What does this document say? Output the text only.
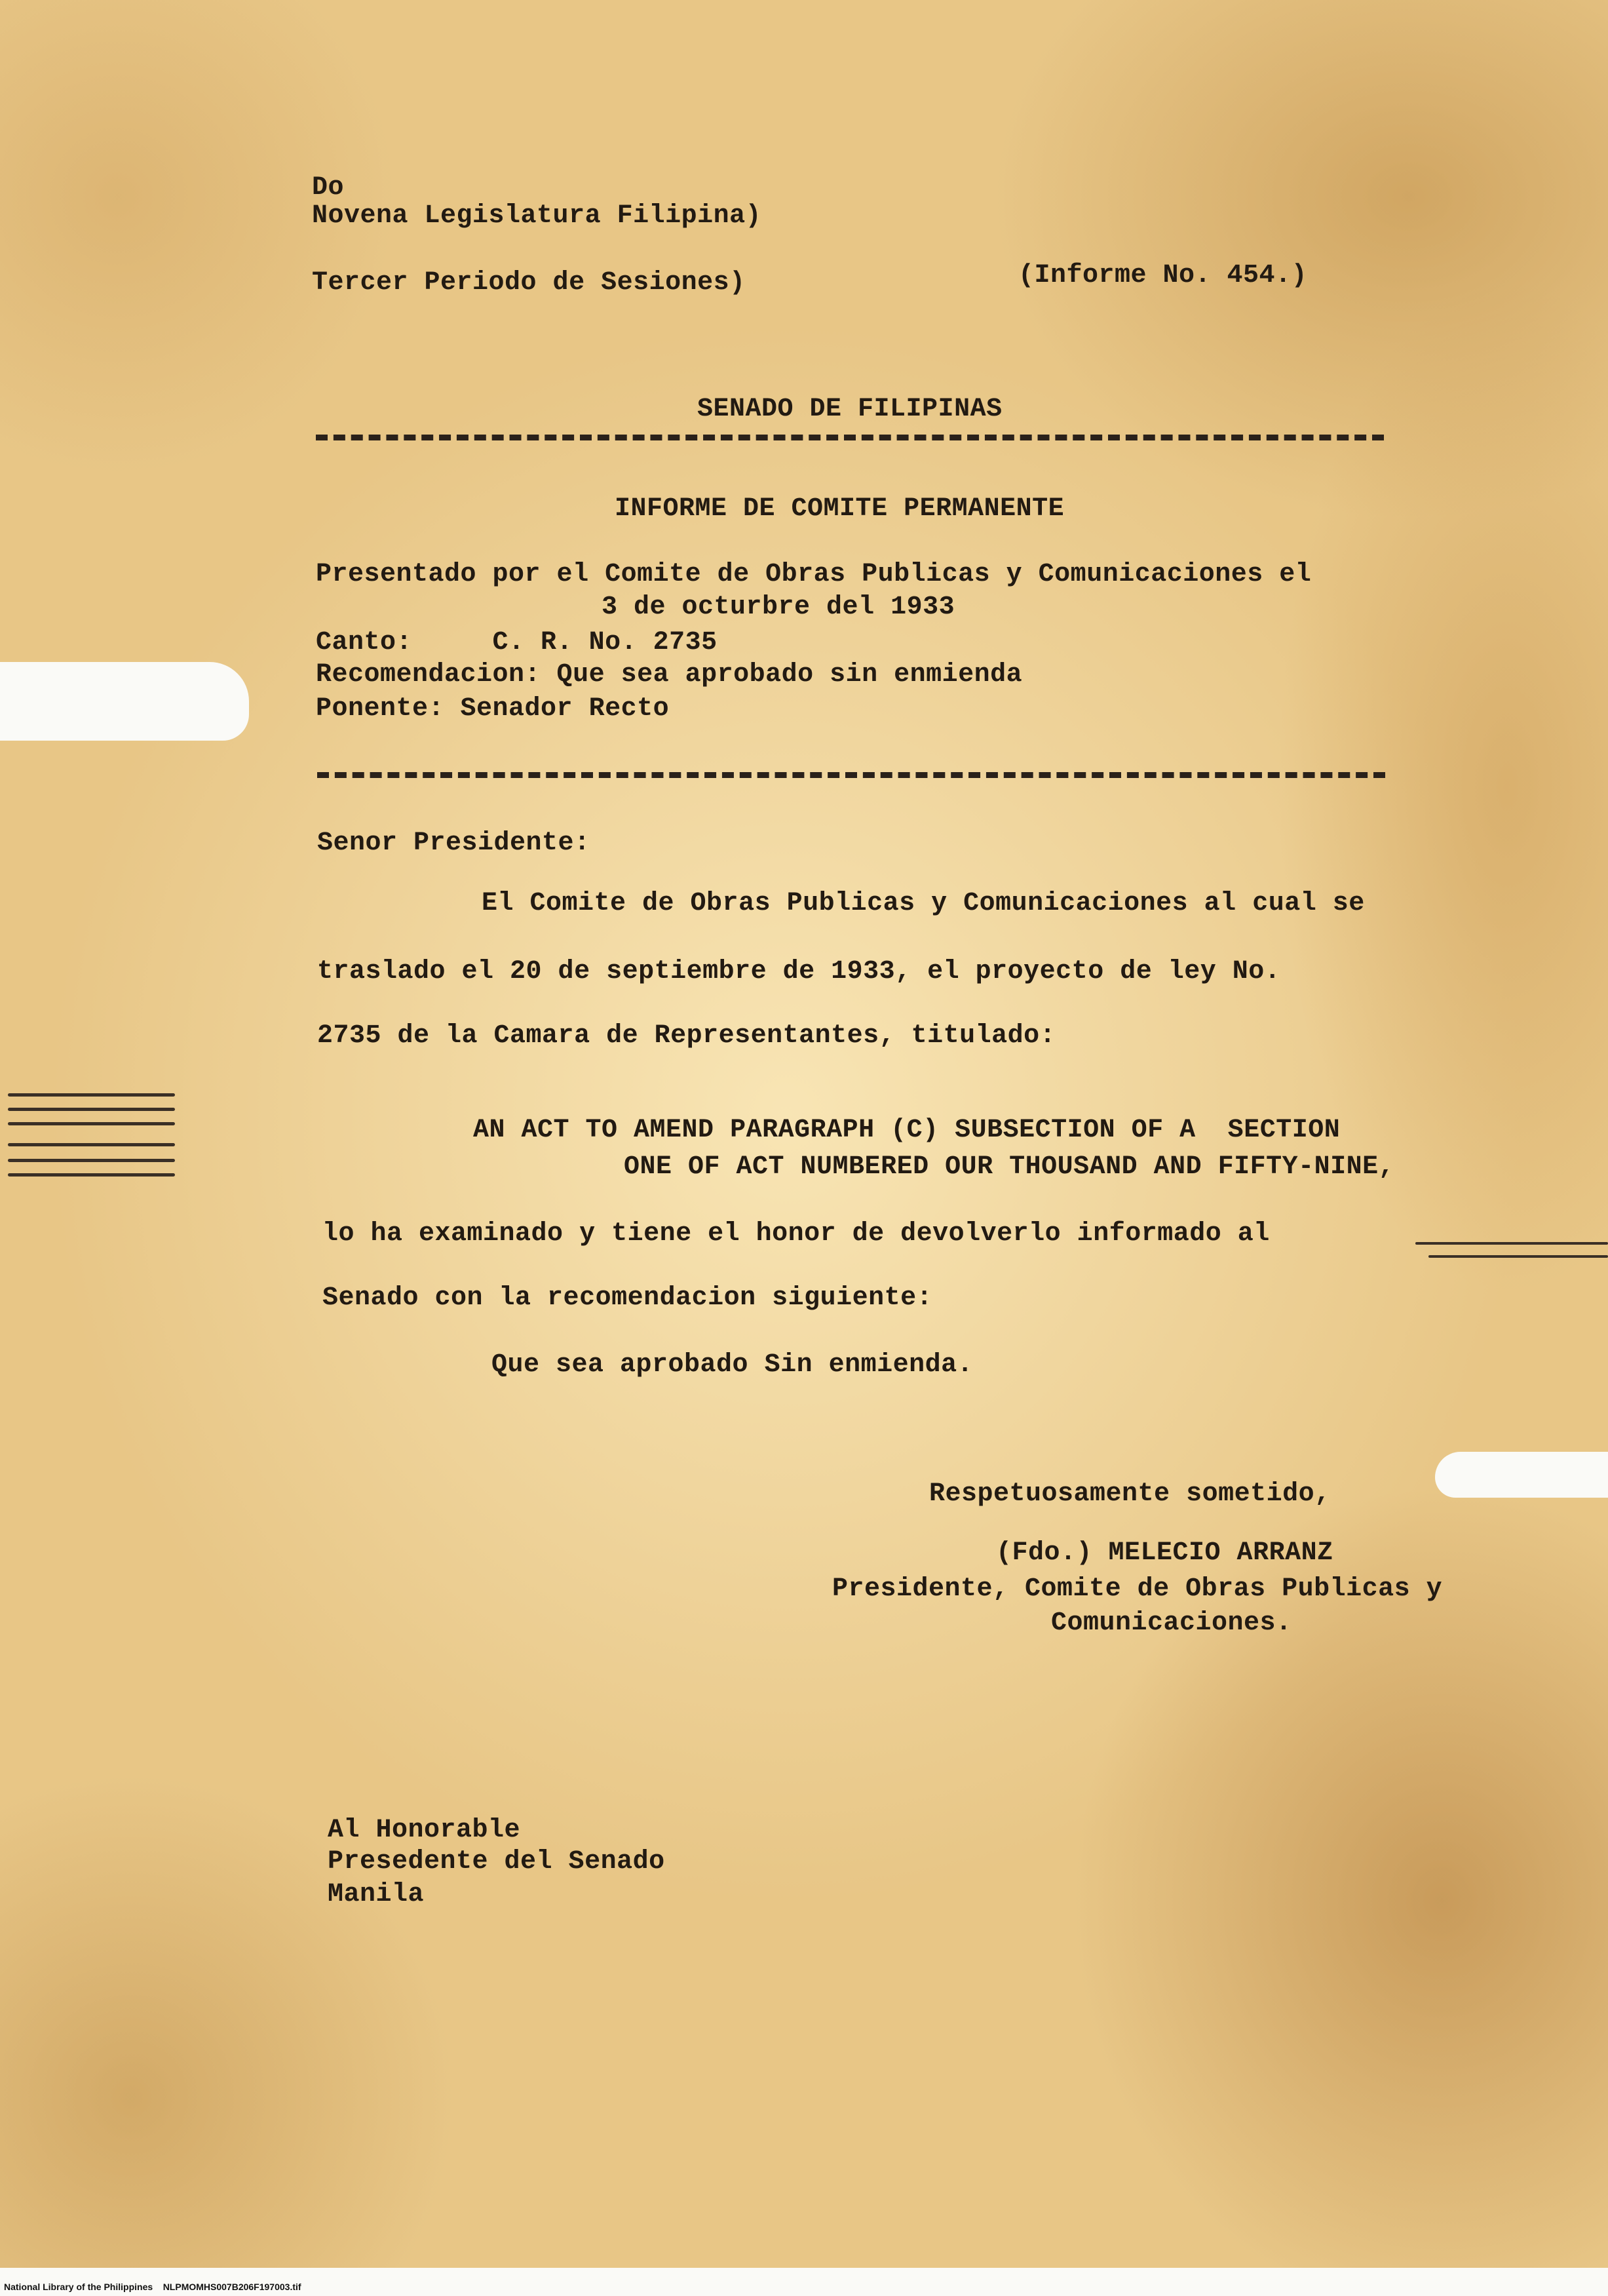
Do
Novena Legislatura Filipina)
Tercer Periodo de Sesiones)	(Informe No. 454.)
SENADO DE FILIPINAS
INFORME DE COMITE PERMANENTE
Presentado por el Comite de Obras Publicas y Comunicaciones el
3 de octurbre del 1933
Canto:     C. R. No. 2735
Recomendacion: Que sea aprobado sin enmienda
Ponente: Senador Recto
Senor Presidente:
El Comite de Obras Publicas y Comunicaciones al cual se
traslado el 20 de septiembre de 1933, el proyecto de ley No.
2735 de la Camara de Representantes, titulado:
AN ACT TO AMEND PARAGRAPH (C) SUBSECTION OF A  SECTION
ONE OF ACT NUMBERED OUR THOUSAND AND FIFTY-NINE,
lo ha examinado y tiene el honor de devolverlo informado al
Senado con la recomendacion siguiente:
Que sea aprobado Sin enmienda.
Respetuosamente sometido,
(Fdo.) MELECIO ARRANZ
Presidente, Comite de Obras Publicas y
Comunicaciones.
Al Honorable
Presedente del Senado
Manila
National Library of the Philippines    NLPMOMHS007B206F197003.tif
